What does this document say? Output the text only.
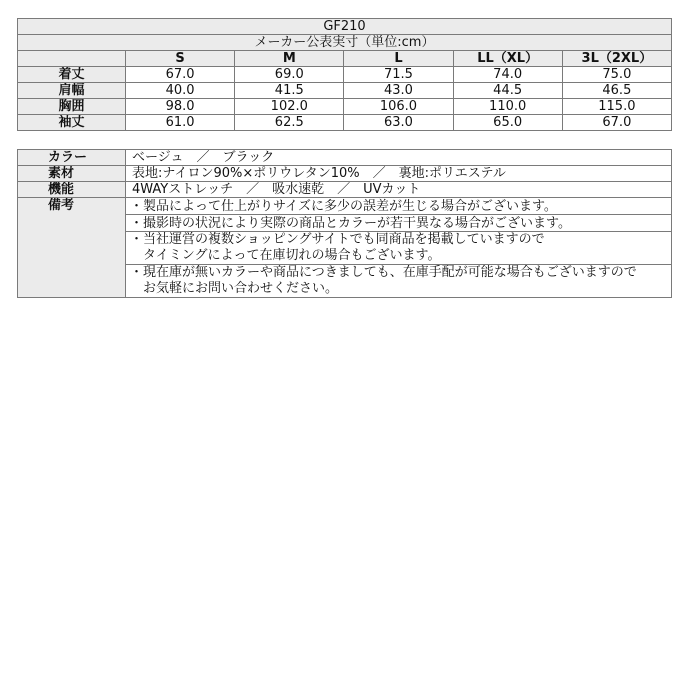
GF210					
メーカー公表実寸（単位:cm）					
	S	M	L	LL（XL）	3L（2XL）
着丈	67.0	69.0	71.5	74.0	75.0
肩幅	40.0	41.5	43.0	44.5	46.5
胸囲	98.0	102.0	106.0	110.0	115.0
袖丈	61.0	62.5	63.0	65.0	67.0
カラー	ベージュ　／　ブラック
素材	表地:ナイロン90%×ポリウレタン10%　／　裏地:ポリエステル
機能	4WAYストレッチ　／　吸水速乾　／　UVカット
備考	・製品によって仕上がりサイズに多少の誤差が生じる場合がございます。

	・撮影時の状況により実際の商品とカラーが若干異なる場合がございます。

	・当社運営の複数ショッピングサイトでも同商品を掲載していますので
　タイミングによって在庫切れの場合もございます。

	・現在庫が無いカラーや商品につきましても、在庫手配が可能な場合もございますので
　お気軽にお問い合わせください。
